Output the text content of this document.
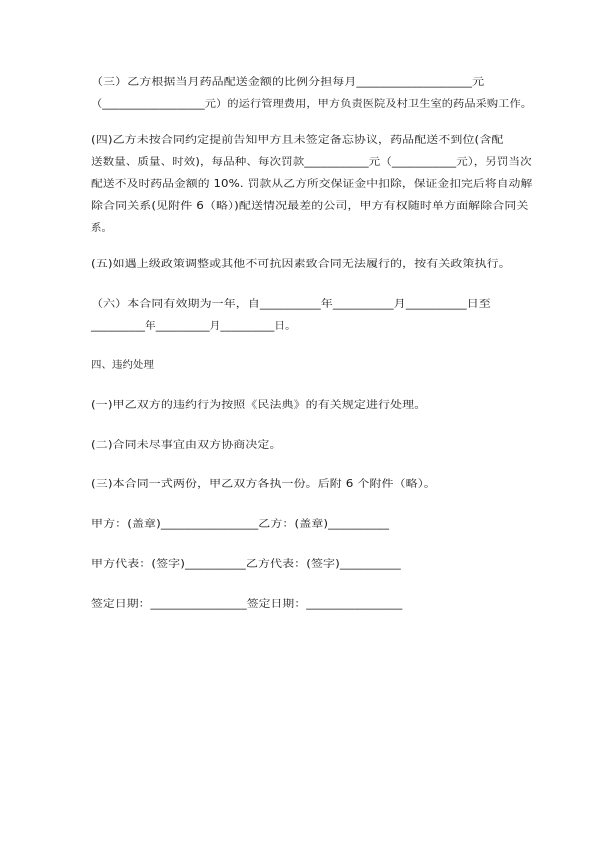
（三）乙方根据当月药品配送金额的比例分担每月___________________元
（__________________元）的运行管理费用，甲方负责医院及村卫生室的药品采购工作。
(四)乙方未按合同约定提前告知甲方且未签定备忘协议，药品配送不到位(含配
送数量、质量、时效)，每品种、每次罚款___________元（___________元），另罚当次
配送不及时药品金额的 10%. 罚款从乙方所交保证金中扣除，保证金扣完后将自动解
除合同关系(见附件 6（略）)配送情况最差的公司，甲方有权随时单方面解除合同关
系。
(五)如遇上级政策调整或其他不可抗因素致合同无法履行的，按有关政策执行。
（六）本合同有效期为一年，自__________年__________月__________日至
__________年__________月__________日。
四、违约处理
(一)甲乙双方的违约行为按照《民法典》的有关规定进行处理。
(二)合同未尽事宜由双方协商决定。
(三)本合同一式两份，甲乙双方各执一份。后附 6 个附件（略）。
甲方：(盖章)________________乙方：(盖章)__________
甲方代表：(签字)__________乙方代表：(签字)__________
签定日期：________________签定日期：________________
